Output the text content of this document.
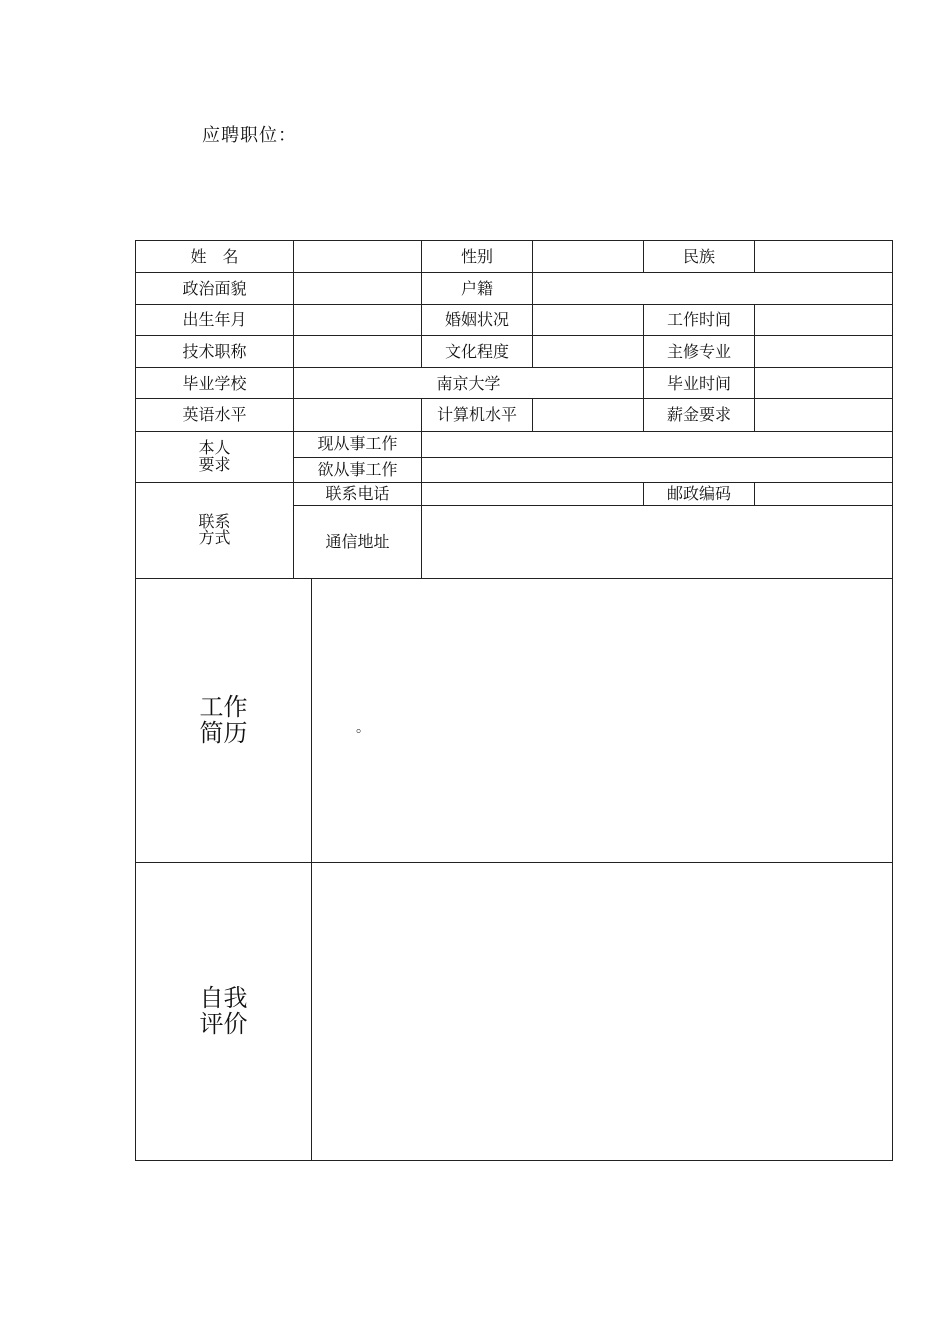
应聘职位：
姓　名		性别		民族	
政治面貌		户籍			
出生年月		婚姻状况		工作时间	
技术职称		文化程度		主修专业	
毕业学校	南京大学			毕业时间	
英语水平		计算机水平		薪金要求	

本人
要求	现从事工作				
	欲从事工作				

联系
方式	联系电话			邮政编码	
	通信地址				
工作
简历	。

自我
评价	
